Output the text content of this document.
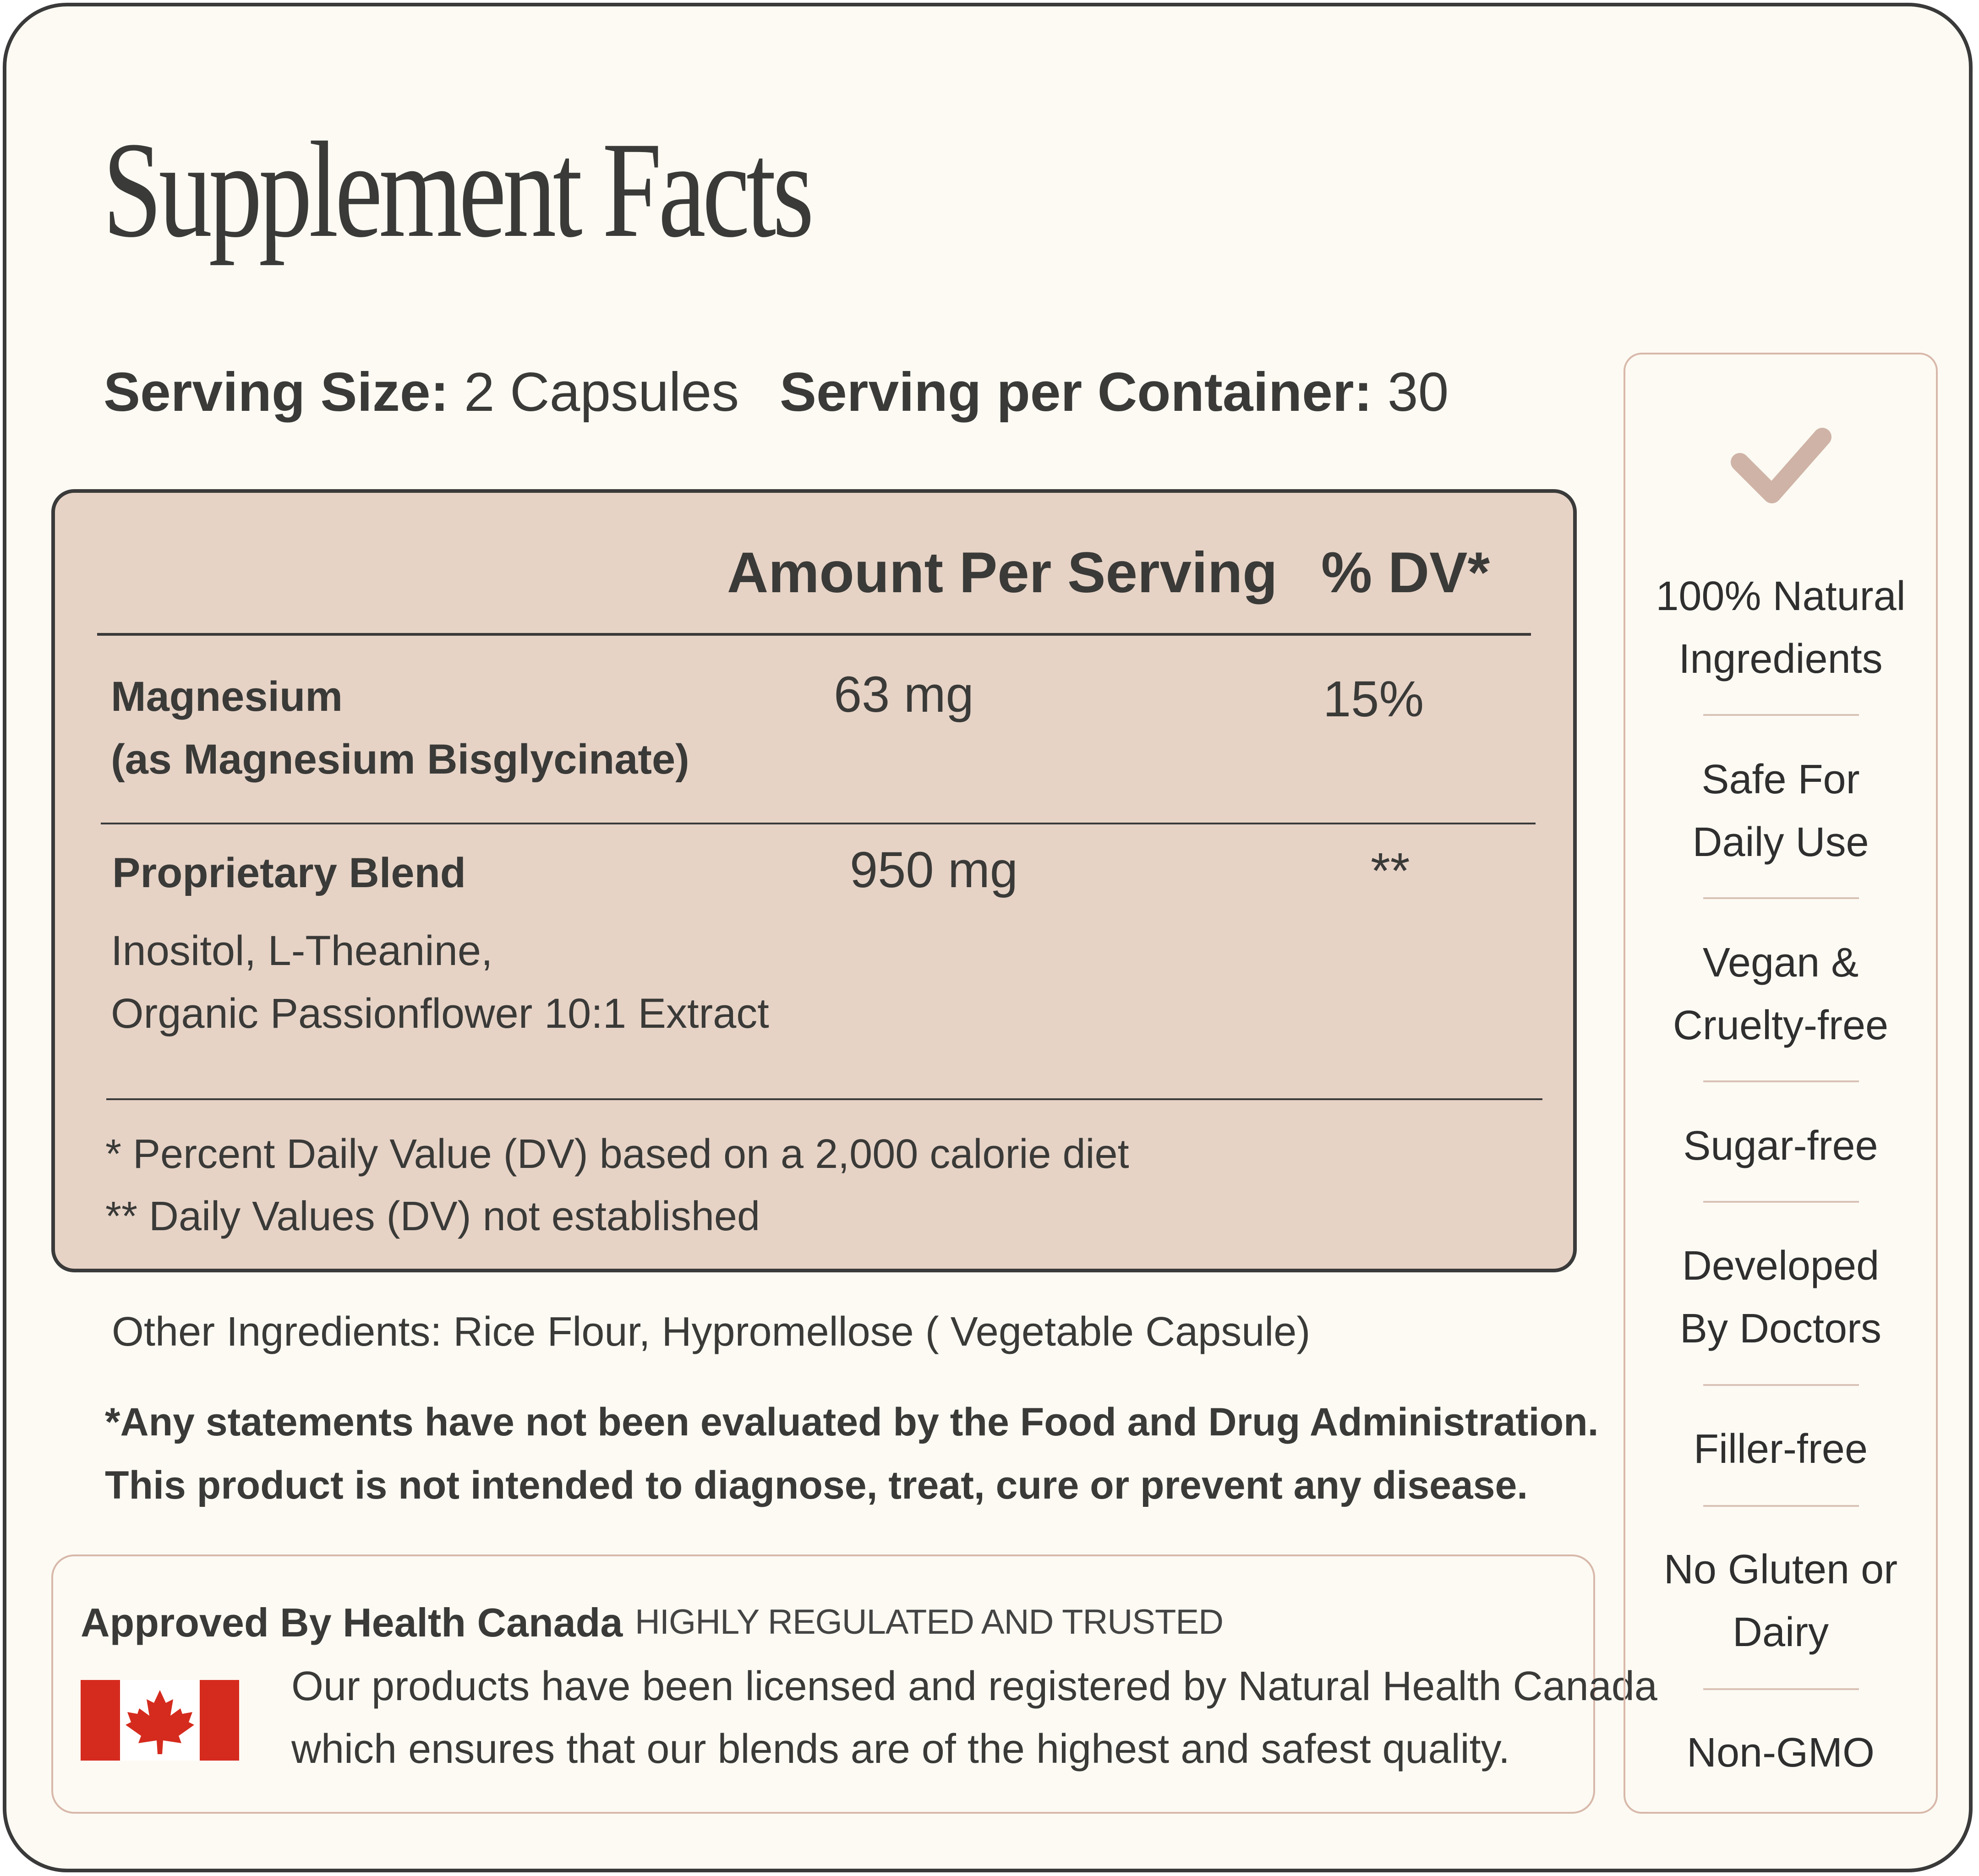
Supplement Facts
Serving Size: 2 Capsules Serving per Container: 30
Amount Per Serving % DV*
Magnesium
(as Magnesium Bisglycinate)
63 mg	15%
Proprietary Blend
Inositol, L-Theanine,
Organic Passionflower 10:1 Extract
950 mg	**
* Percent Daily Value (DV) based on a 2,000 calorie diet
** Daily Values (DV) not established
Other Ingredients: Rice Flour, Hypromellose ( Vegetable Capsule)
*Any statements have not been evaluated by the Food and Drug Administration.
This product is not intended to diagnose, treat, cure or prevent any disease.
Approved By Health Canada HIGHLY REGULATED AND TRUSTED
Our products have been licensed and registered by Natural Health Canada
which ensures that our blends are of the highest and safest quality.
100% Natural
Ingredients
Safe For
Daily Use
Vegan &
Cruelty-free
Sugar-free
Developed
By Doctors
Filler-free
No Gluten or
Dairy
Non-GMO
